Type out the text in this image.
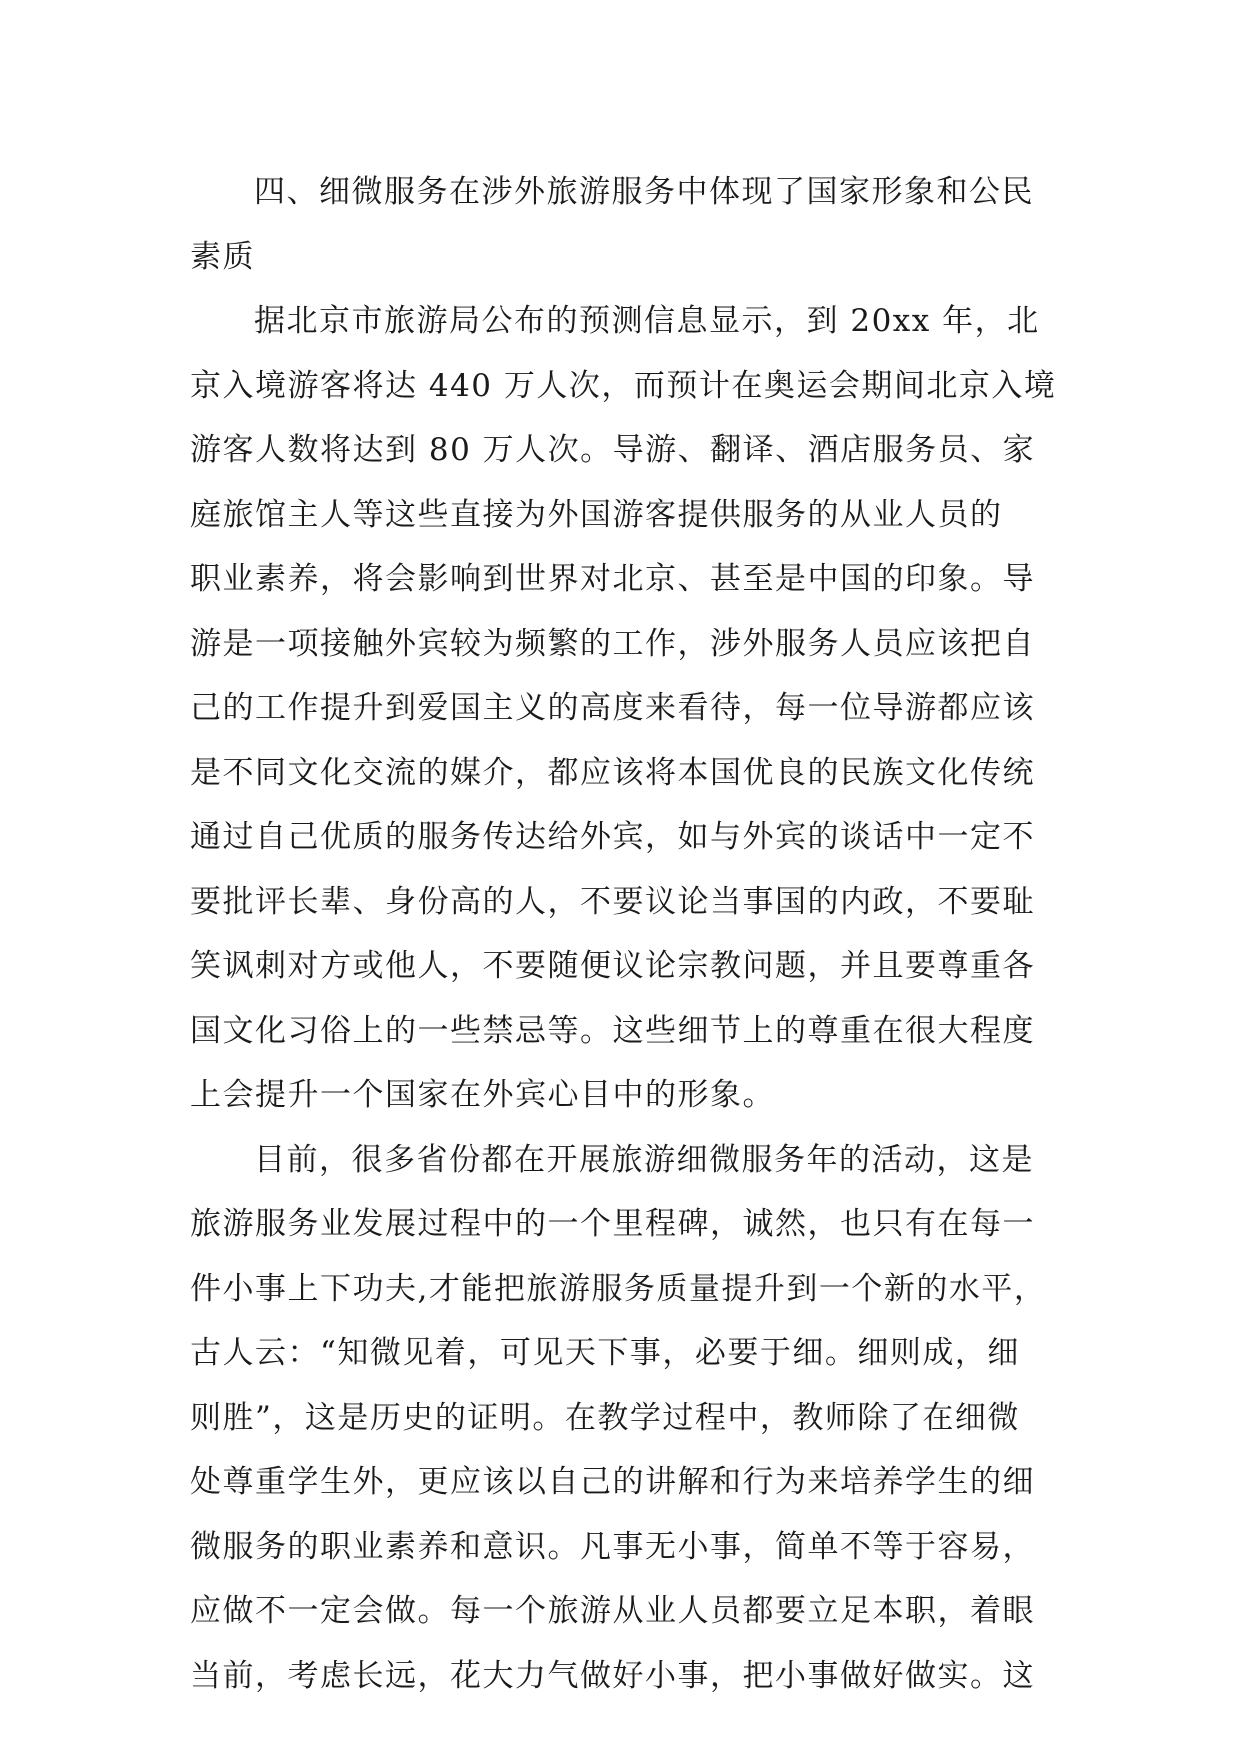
四、细微服务在涉外旅游服务中体现了国家形象和公民
素质
据北京市旅游局公布的预测信息显示，到 20xx 年，北
京入境游客将达 440 万人次，而预计在奥运会期间北京入境
游客人数将达到 80 万人次。导游、翻译、酒店服务员、家
庭旅馆主人等这些直接为外国游客提供服务的从业人员的
职业素养，将会影响到世界对北京、甚至是中国的印象。导
游是一项接触外宾较为频繁的工作，涉外服务人员应该把自
己的工作提升到爱国主义的高度来看待，每一位导游都应该
是不同文化交流的媒介，都应该将本国优良的民族文化传统
通过自己优质的服务传达给外宾，如与外宾的谈话中一定不
要批评长辈、身份高的人，不要议论当事国的内政，不要耻
笑讽刺对方或他人，不要随便议论宗教问题，并且要尊重各
国文化习俗上的一些禁忌等。这些细节上的尊重在很大程度
上会提升一个国家在外宾心目中的形象。
目前，很多省份都在开展旅游细微服务年的活动，这是
旅游服务业发展过程中的一个里程碑，诚然，也只有在每一
件小事上下功夫,才能把旅游服务质量提升到一个新的水平，
古人云：“知微见着，可见天下事，必要于细。细则成，细
则胜”，这是历史的证明。在教学过程中，教师除了在细微
处尊重学生外，更应该以自己的讲解和行为来培养学生的细
微服务的职业素养和意识。凡事无小事，简单不等于容易，
应做不一定会做。每一个旅游从业人员都要立足本职，着眼
当前，考虑长远，花大力气做好小事，把小事做好做实。这
